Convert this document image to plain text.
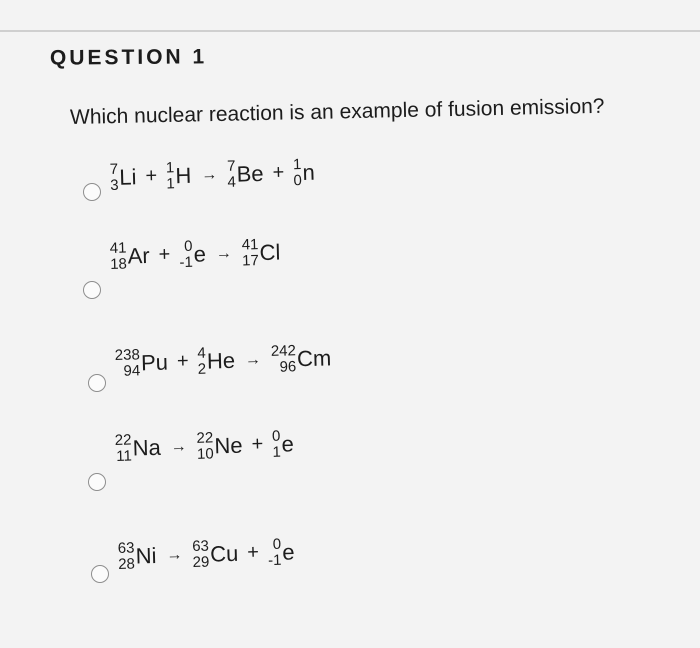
QUESTION 1
Which nuclear reaction is an example of fusion emission?
7
3 Li + 1
1 H → 7
4 Be + 1
0 n
41
18 Ar + 0
-1 e → 41
17 Cl
238
94 Pu + 4
2 He → 242
96 Cm
22
11 Na → 22
10 Ne + 0
1 e
63
28 Ni → 63
29 Cu + 0
-1 e
